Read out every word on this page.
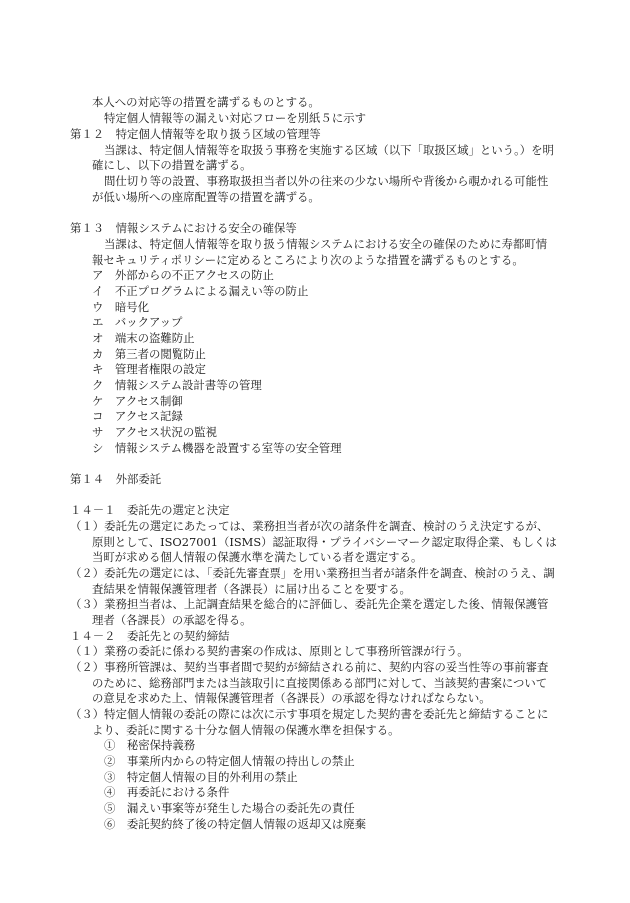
本人への対応等の措置を講ずるものとする。
特定個人情報等の漏えい対応フローを別紙５に示す
第１２　特定個人情報等を取り扱う区域の管理等
当課は、特定個人情報等を取扱う事務を実施する区域（以下「取扱区域」という。）を明
確にし、以下の措置を講ずる。
間仕切り等の設置、事務取扱担当者以外の往来の少ない場所や背後から覗かれる可能性
が低い場所への座席配置等の措置を講ずる。
第１３　情報システムにおける安全の確保等
当課は、特定個人情報等を取り扱う情報システムにおける安全の確保のために寿都町情
報セキュリティポリシーに定めるところにより次のような措置を講ずるものとする。
ア　 外部からの不正アクセスの防止
イ　 不正プログラムによる漏えい等の防止
ウ　 暗号化
エ　 バックアップ
オ　 端末の盗難防止
カ　 第三者の閲覧防止
キ　 管理者権限の設定
ク　 情報システム設計書等の管理
ケ　 アクセス制御
コ　 アクセス記録
サ　 アクセス状況の監視
シ　 情報システム機器を設置する室等の安全管理
第１４　外部委託
１４－１　委託先の選定と決定
（１）委託先の選定にあたっては、業務担当者が次の諸条件を調査、検討のうえ決定するが、
原則として、ISO27001（ISMS）認証取得・プライバシーマーク認定取得企業、もしくは
当町が求める個人情報の保護水準を満たしている者を選定する。
（２）委託先の選定には、「委託先審査票」を用い業務担当者が諸条件を調査、検討のうえ、調
査結果を情報保護管理者（各課長）に届け出ることを要する。
（３）業務担当者は、上記調査結果を総合的に評価し、委託先企業を選定した後、情報保護管
理者（各課長）の承認を得る。
１４－２　委託先との契約締結
（１）業務の委託に係わる契約書案の作成は、原則として事務所管課が行う。
（２）事務所管課は、契約当事者間で契約が締結される前に、契約内容の妥当性等の事前審査
のために、総務部門または当該取引に直接関係ある部門に対して、当該契約書案について
の意見を求めた上、情報保護管理者（各課長）の承認を得なければならない。
（３）特定個人情報の委託の際には次に示す事項を規定した契約書を委託先と締結することに
より、委託に関する十分な個人情報の保護水準を担保する。
①　 秘密保持義務
②　 事業所内からの特定個人情報の持出しの禁止
③　 特定個人情報の目的外利用の禁止
④　 再委託における条件
⑤　 漏えい事案等が発生した場合の委託先の責任
⑥　 委託契約終了後の特定個人情報の返却又は廃棄
